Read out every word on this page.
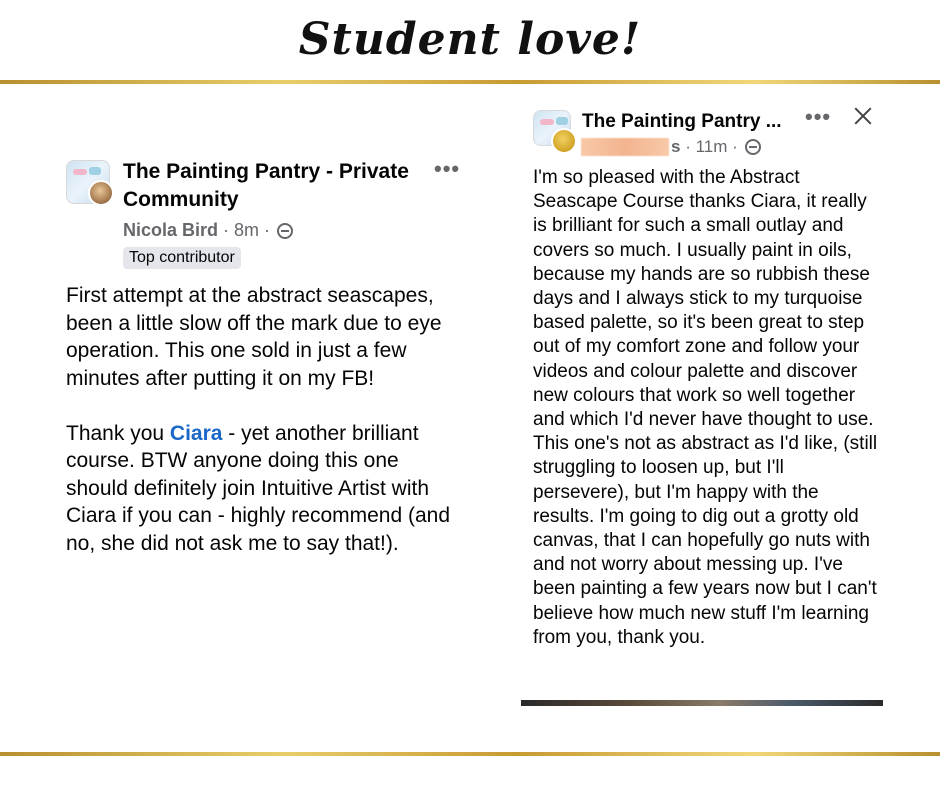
Student love!
The Painting Pantry - Private Community
•••
Nicola Bird · 8m ·
Top contributor

First attempt at the abstract seascapes, been a little slow off the mark due to eye operation. This one sold in just a few minutes after putting it on my FB!

Thank you Ciara - yet another brilliant course. BTW anyone doing this one should definitely join Intuitive Artist with Ciara if you can - highly recommend (and no, she did not ask me to say that!).

The Painting Pantry ...	•••
s · 11m ·
I'm so pleased with the Abstract Seascape Course thanks Ciara, it really is brilliant for such a small outlay and covers so much. I usually paint in oils, because my hands are so rubbish these days and I always stick to my turquoise based palette, so it's been great to step out of my comfort zone and follow your videos and colour palette and discover new colours that work so well together and which I'd never have thought to use. This one's not as abstract as I'd like, (still struggling to loosen up, but I'll persevere), but I'm happy with the results. I'm going to dig out a grotty old canvas, that I can hopefully go nuts with and not worry about messing up. I've been painting a few years now but I can't believe how much new stuff I'm learning from you, thank you.
